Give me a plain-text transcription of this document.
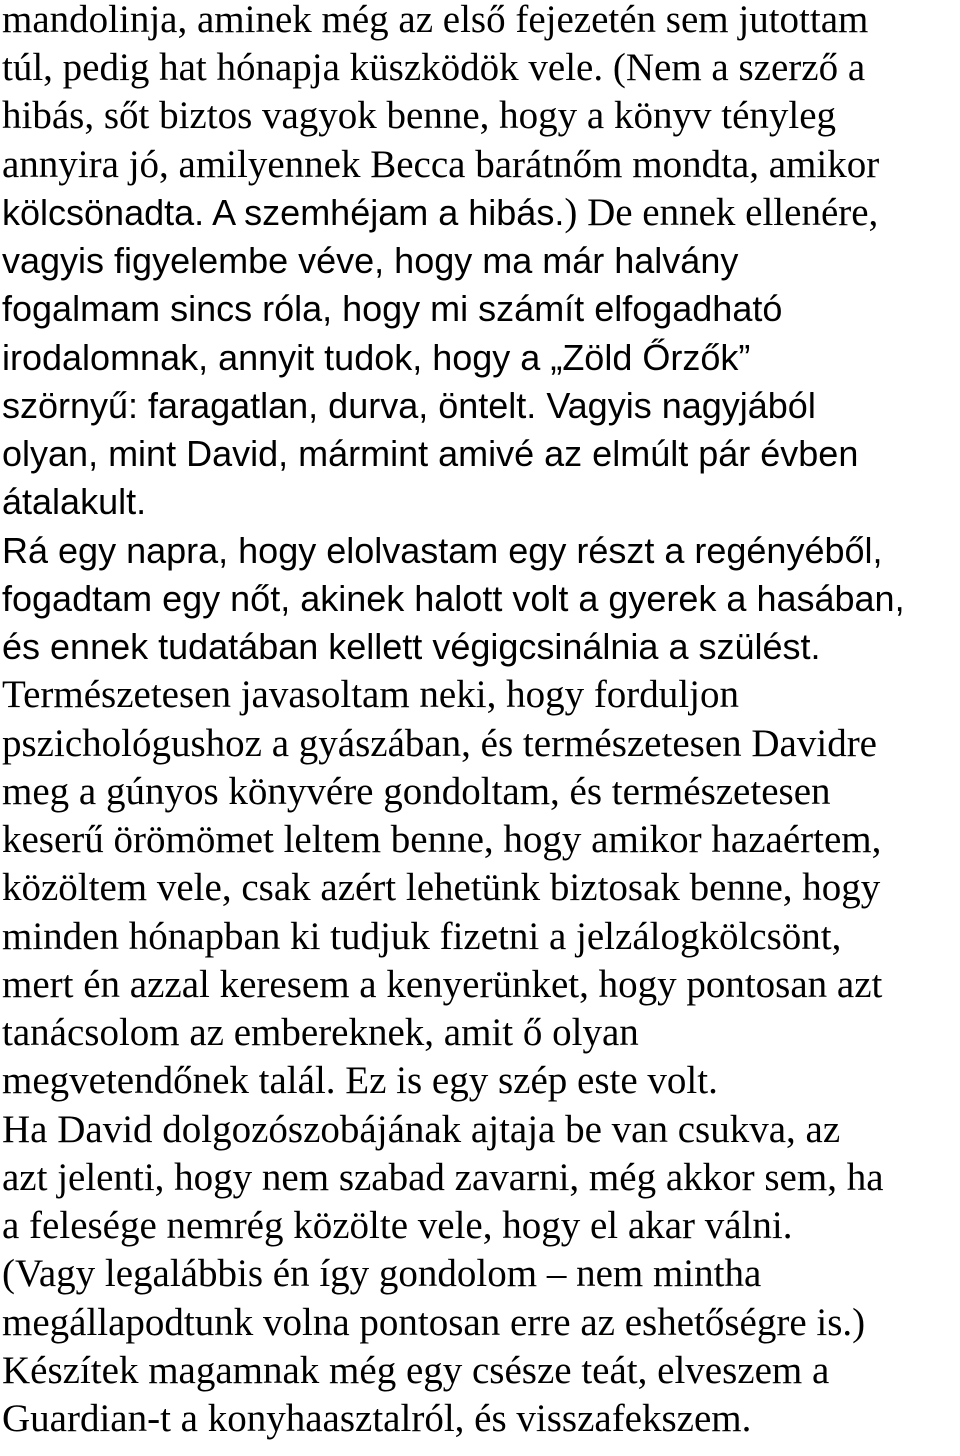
mandolinja, aminek még az első fejezetén sem jutottam
túl, pedig hat hónapja küszködök vele. (Nem a szerző a
hibás, sőt biztos vagyok benne, hogy a könyv tényleg
annyira jó, amilyennek Becca barátnőm mondta, amikor
kölcsönadta. A szemhéjam a hibás.) De ennek ellenére,
vagyis figyelembe véve, hogy ma már halvány
fogalmam sincs róla, hogy mi számít elfogadható
irodalomnak, annyit tudok, hogy a „Zöld Őrzők”
szörnyű: faragatlan, durva, öntelt. Vagyis nagyjából
olyan, mint David, mármint amivé az elmúlt pár évben
átalakult.
Rá egy napra, hogy elolvastam egy részt a regényéből,
fogadtam egy nőt, akinek halott volt a gyerek a hasában,
és ennek tudatában kellett végigcsinálnia a szülést.
Természetesen javasoltam neki, hogy forduljon
pszichológushoz a gyászában, és természetesen Davidre
meg a gúnyos könyvére gondoltam, és természetesen
keserű örömömet leltem benne, hogy amikor hazaértem,
közöltem vele, csak azért lehetünk biztosak benne, hogy
minden hónapban ki tudjuk fizetni a jelzálogkölcsönt,
mert én azzal keresem a kenyerünket, hogy pontosan azt
tanácsolom az embereknek, amit ő olyan
megvetendőnek talál. Ez is egy szép este volt.
Ha David dolgozószobájának ajtaja be van csukva, az
azt jelenti, hogy nem szabad zavarni, még akkor sem, ha
a felesége nemrég közölte vele, hogy el akar válni.
(Vagy legalábbis én így gondolom – nem mintha
megállapodtunk volna pontosan erre az eshetőségre is.)
Készítek magamnak még egy csésze teát, elveszem a
Guardian-t a konyhaasztalról, és visszafekszem.
